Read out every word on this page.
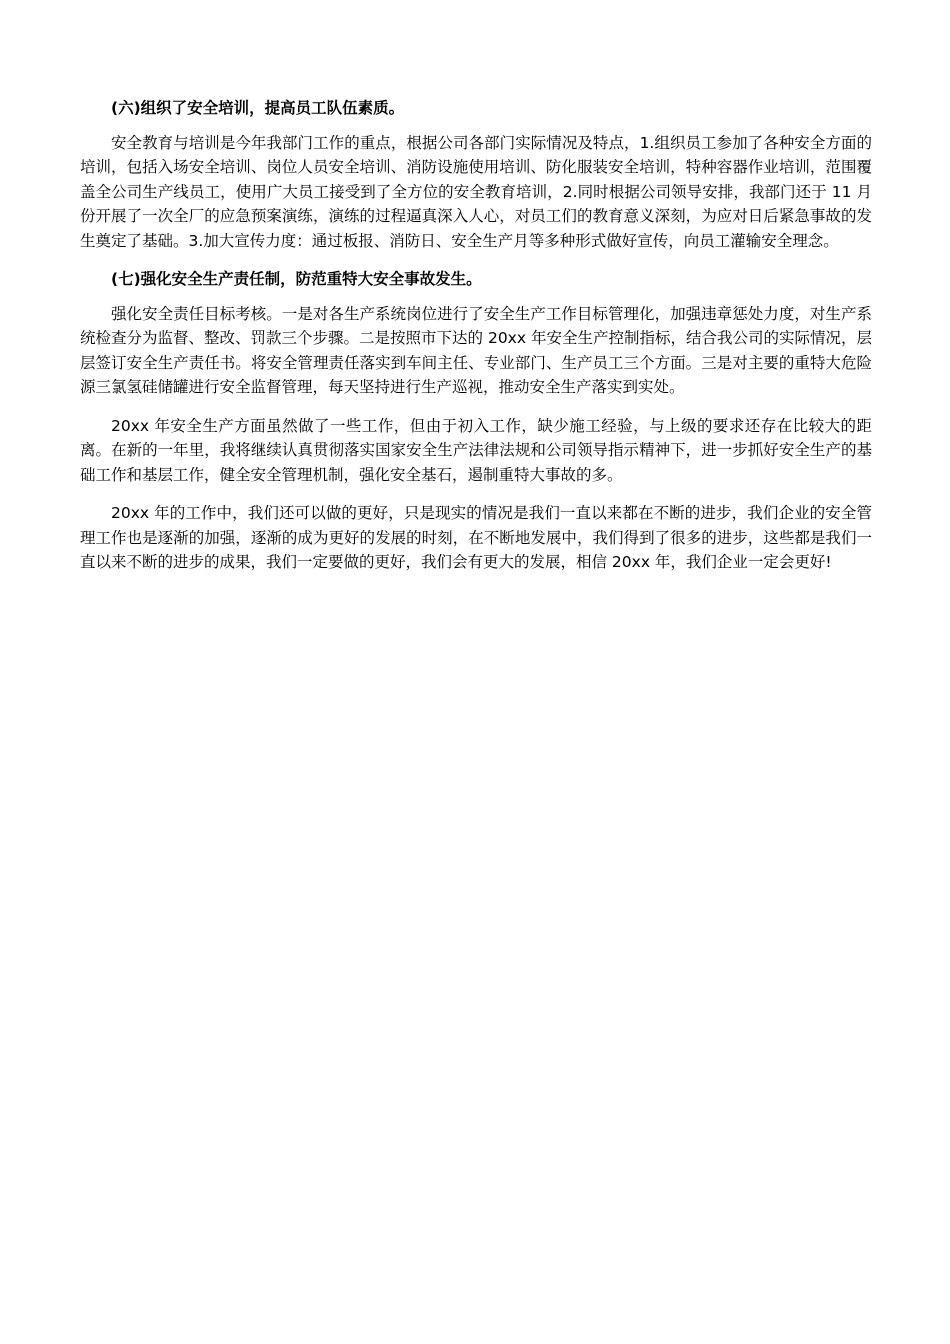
(六)组织了安全培训，提高员工队伍素质。

安全教育与培训是今年我部门工作的重点，根据公司各部门实际情况及特点，1.组织员工参加了各种安全方面的培训，包括入场安全培训、岗位人员安全培训、消防设施使用培训、防化服装安全培训，特种容器作业培训，范围覆盖全公司生产线员工，使用广大员工接受到了全方位的安全教育培训，2.同时根据公司领导安排，我部门还于 11 月份开展了一次全厂的应急预案演练，演练的过程逼真深入人心，对员工们的教育意义深刻，为应对日后紧急事故的发生奠定了基础。3.加大宣传力度：通过板报、消防日、安全生产月等多种形式做好宣传，向员工灌输安全理念。

(七)强化安全生产责任制，防范重特大安全事故发生。

强化安全责任目标考核。一是对各生产系统岗位进行了安全生产工作目标管理化，加强违章惩处力度，对生产系统检查分为监督、整改、罚款三个步骤。二是按照市下达的 20xx 年安全生产控制指标，结合我公司的实际情况，层层签订安全生产责任书。将安全管理责任落实到车间主任、专业部门、生产员工三个方面。三是对主要的重特大危险源三氯氢硅储罐进行安全监督管理，每天坚持进行生产巡视，推动安全生产落实到实处。

20xx 年安全生产方面虽然做了一些工作，但由于初入工作，缺少施工经验，与上级的要求还存在比较大的距离。在新的一年里，我将继续认真贯彻落实国家安全生产法律法规和公司领导指示精神下，进一步抓好安全生产的基础工作和基层工作，健全安全管理机制，强化安全基石，遏制重特大事故的多。

20xx 年的工作中，我们还可以做的更好，只是现实的情况是我们一直以来都在不断的进步，我们企业的安全管理工作也是逐渐的加强，逐渐的成为更好的发展的时刻，在不断地发展中，我们得到了很多的进步，这些都是我们一直以来不断的进步的成果，我们一定要做的更好，我们会有更大的发展，相信 20xx 年，我们企业一定会更好!
